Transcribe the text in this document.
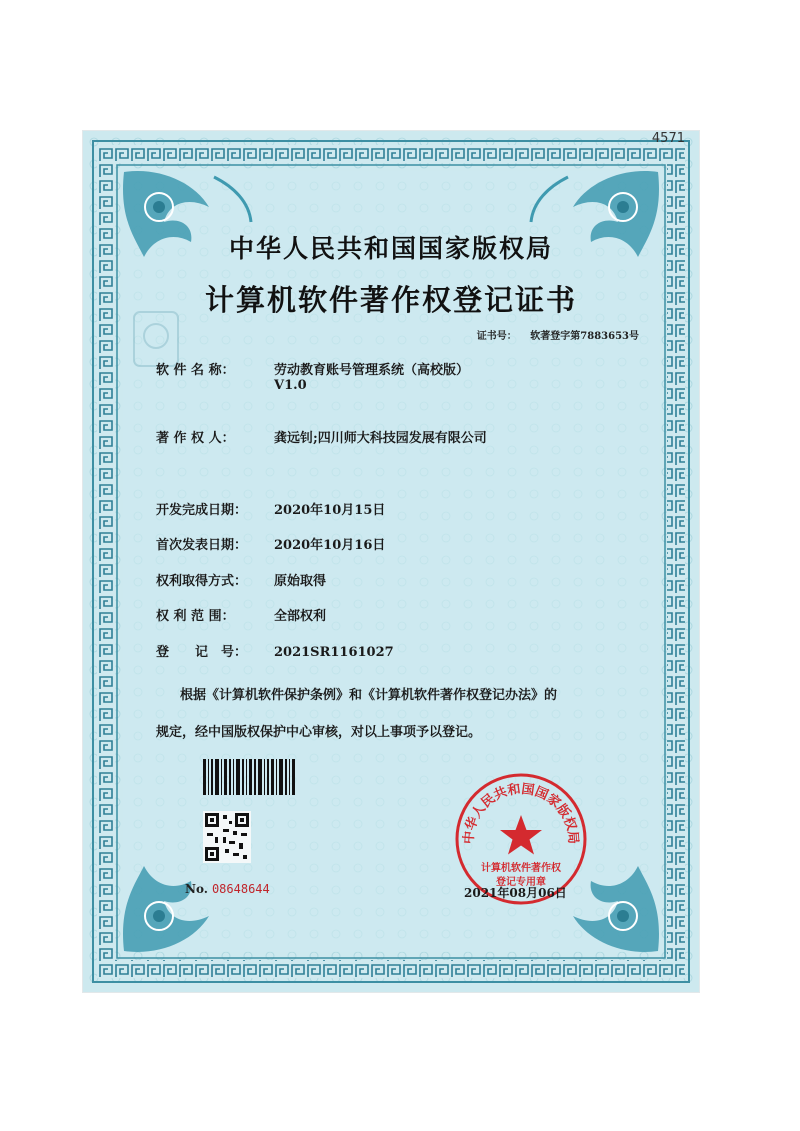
4571
中华人民共和国国家版权局
计算机软件著作权登记证书
证书号： 软著登字第7883653号
软 件 名 称：	劳动教育账号管理系统（高校版）
V1.0
著 作 权 人：	龚远钊;四川师大科技园发展有限公司
开发完成日期： 2020年10月15日
首次发表日期： 2020年10月16日
权利取得方式： 原始取得
权 利 范 围：	全部权利
登　　记　号： 2021SR1161027
根据《计算机软件保护条例》和《计算机软件著作权登记办法》的
规定，经中国版权保护中心审核，对以上事项予以登记。
中华人民共和国国家版权局
计算机软件著作权
登记专用章
No. 08648644	2021年08月06日
